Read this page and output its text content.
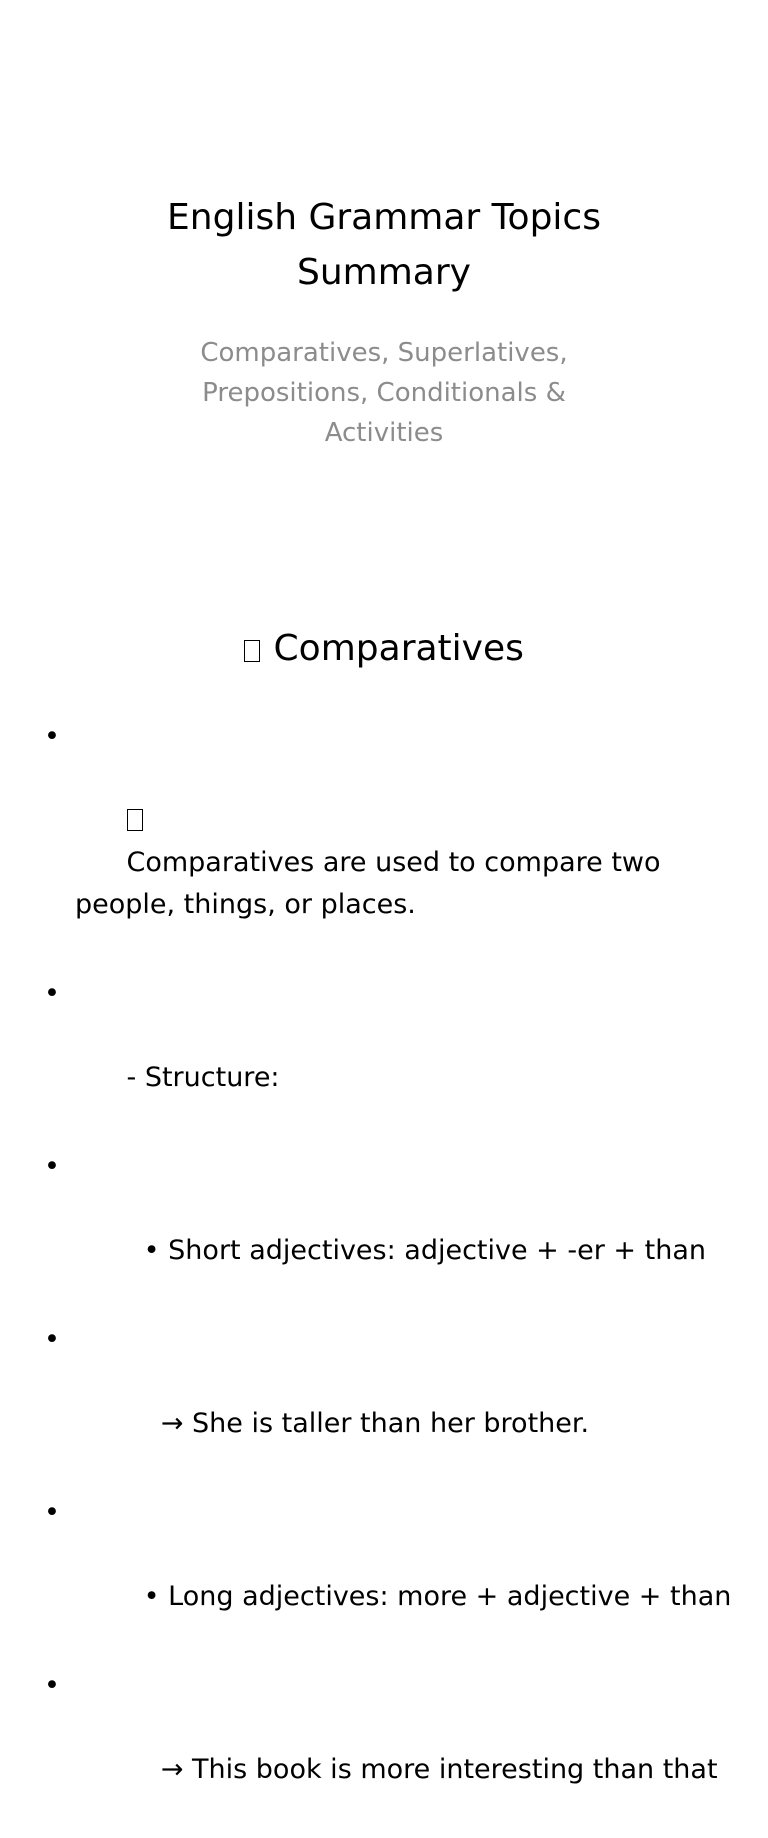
English Grammar Topics
Summary
Comparatives, Superlatives,
Prepositions, Conditionals &
Activities
Comparatives

•

Comparatives are used to compare two people, things, or places.

•

- Structure:

•

• Short adjectives: adjective + -er + than

•

→ She is taller than her brother.

•

• Long adjectives: more + adjective + than

•

→ This book is more interesting than that
